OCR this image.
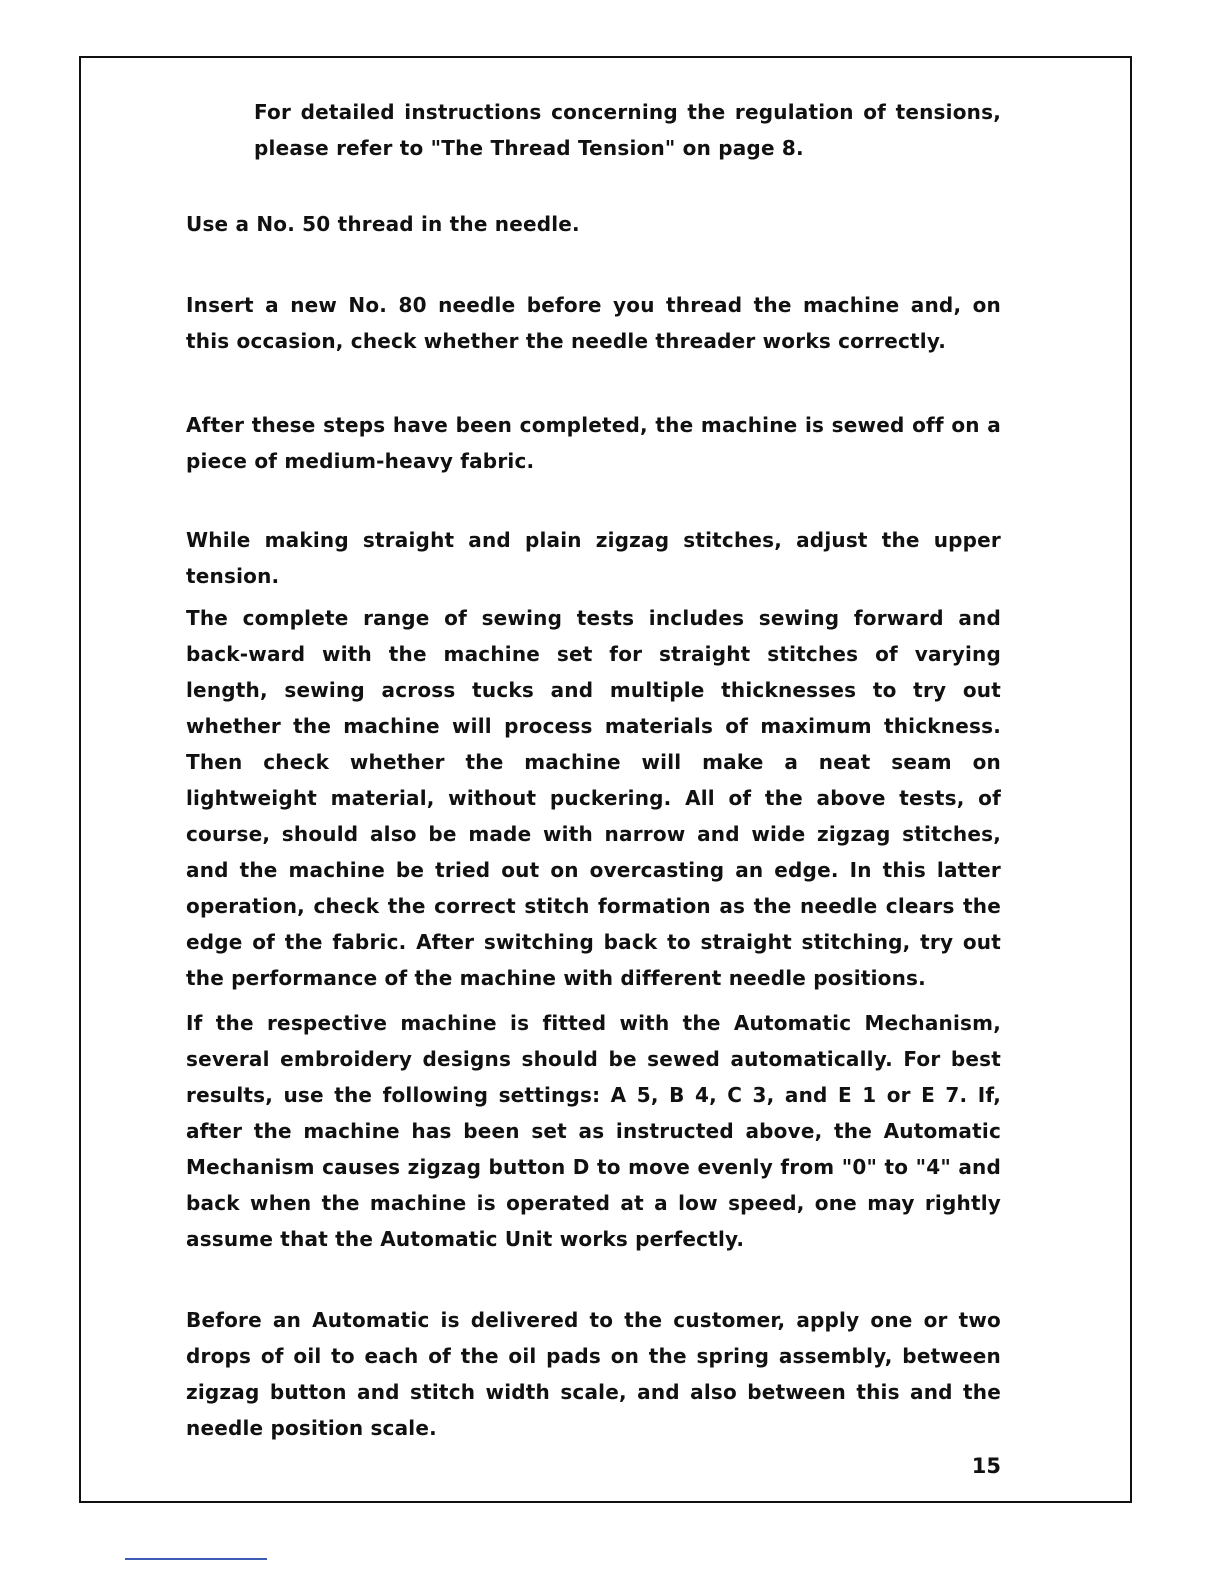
For detailed instructions concerning the regulation of tensions, please refer to "The Thread Tension" on page 8.

Use a No. 50 thread in the needle.

Insert a new No. 80 needle before you thread the machine and, on this occasion, check whether the needle threader works correctly.

After these steps have been completed, the machine is sewed off on a piece of medium-heavy fabric.

While making straight and plain zigzag stitches, adjust the upper tension.

The complete range of sewing tests includes sewing forward and back-ward with the machine set for straight stitches of varying length, sewing across tucks and multiple thicknesses to try out whether the machine will process materials of maximum thickness. Then check whether the machine will make a neat seam on lightweight material, without puckering. All of the above tests, of course, should also be made with narrow and wide zigzag stitches, and the machine be tried out on overcasting an edge. In this latter operation, check the correct stitch formation as the needle clears the edge of the fabric. After switching back to straight stitching, try out the performance of the machine with different needle positions.

If the respective machine is fitted with the Automatic Mechanism, several embroidery designs should be sewed automatically. For best results, use the following settings: A 5, B 4, C 3, and E 1 or E 7. If, after the machine has been set as instructed above, the Automatic Mechanism causes zigzag button D to move evenly from "0" to "4" and back when the machine is operated at a low speed, one may rightly assume that the Automatic Unit works perfectly.

Before an Automatic is delivered to the customer, apply one or two drops of oil to each of the oil pads on the spring assembly, between zigzag button and stitch width scale, and also between this and the needle position scale.

15
